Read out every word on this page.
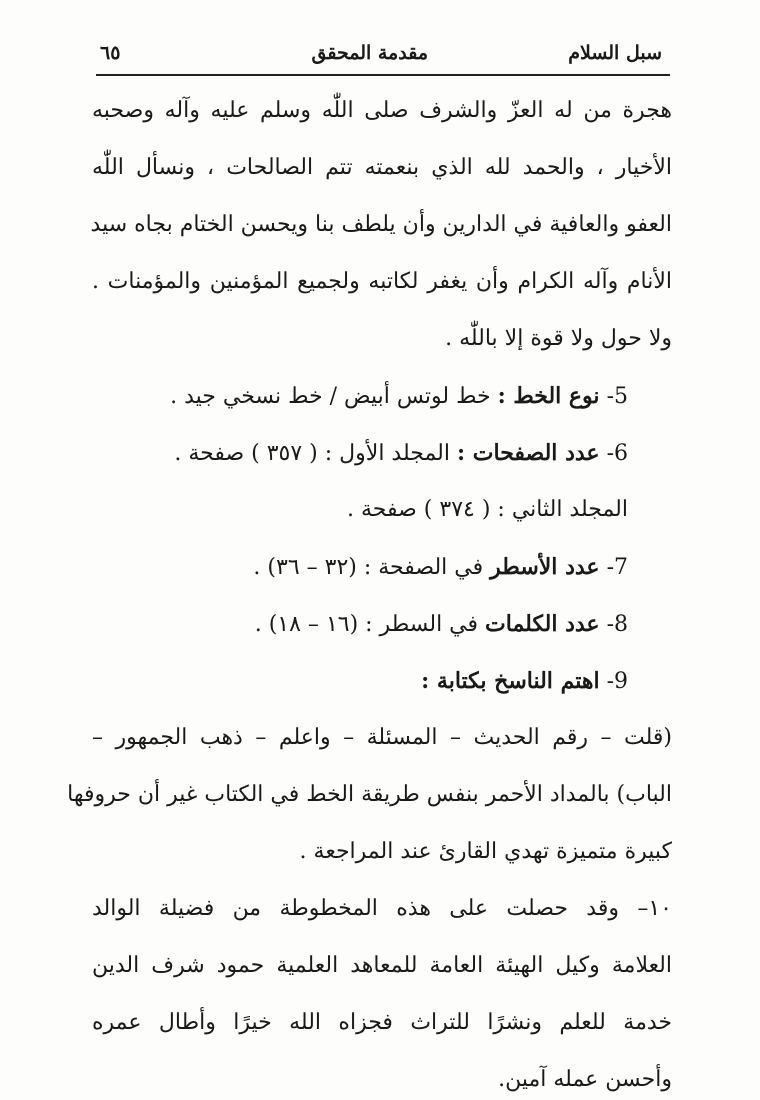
سبل السلام
مقدمة المحقق
٦٥
هجرة من له العزّ والشرف صلى اللّٰه وسلم عليه وآله وصحبه
الأخيار ، والحمد لله الذي بنعمته تتم الصالحات ، ونسأل اللّٰه
العفو والعافية في الدارين وأن يلطف بنا ويحسن الختام بجاه سيد
الأنام وآله الكرام وأن يغفر لكاتبه ولجميع المؤمنين والمؤمنات .
ولا حول ولا قوة إلا باللّٰه .
5- نوع الخط : خط لوتس أبيض / خط نسخي جيد .
6- عدد الصفحات : المجلد الأول : ( ٣٥٧ ) صفحة .
المجلد الثاني : ( ٣٧٤ ) صفحة .
7- عدد الأسطر في الصفحة : (٣٢ – ٣٦) .
8- عدد الكلمات في السطر : (١٦ – ١٨) .
9- اهتم الناسخ بكتابة :
(قلت – رقم الحديث – المسئلة – واعلم – ذهب الجمهور –
الباب) بالمداد الأحمر بنفس طريقة الخط في الكتاب غير أن حروفها
كبيرة متميزة تهدي القارئ عند المراجعة .
١٠– وقد حصلت على هذه المخطوطة من فضيلة الوالد
العلامة وكيل الهيئة العامة للمعاهد العلمية حمود شرف الدين
خدمة للعلم ونشرًا للتراث فجزاه الله خيرًا وأطال عمره
وأحسن عمله آمين.
